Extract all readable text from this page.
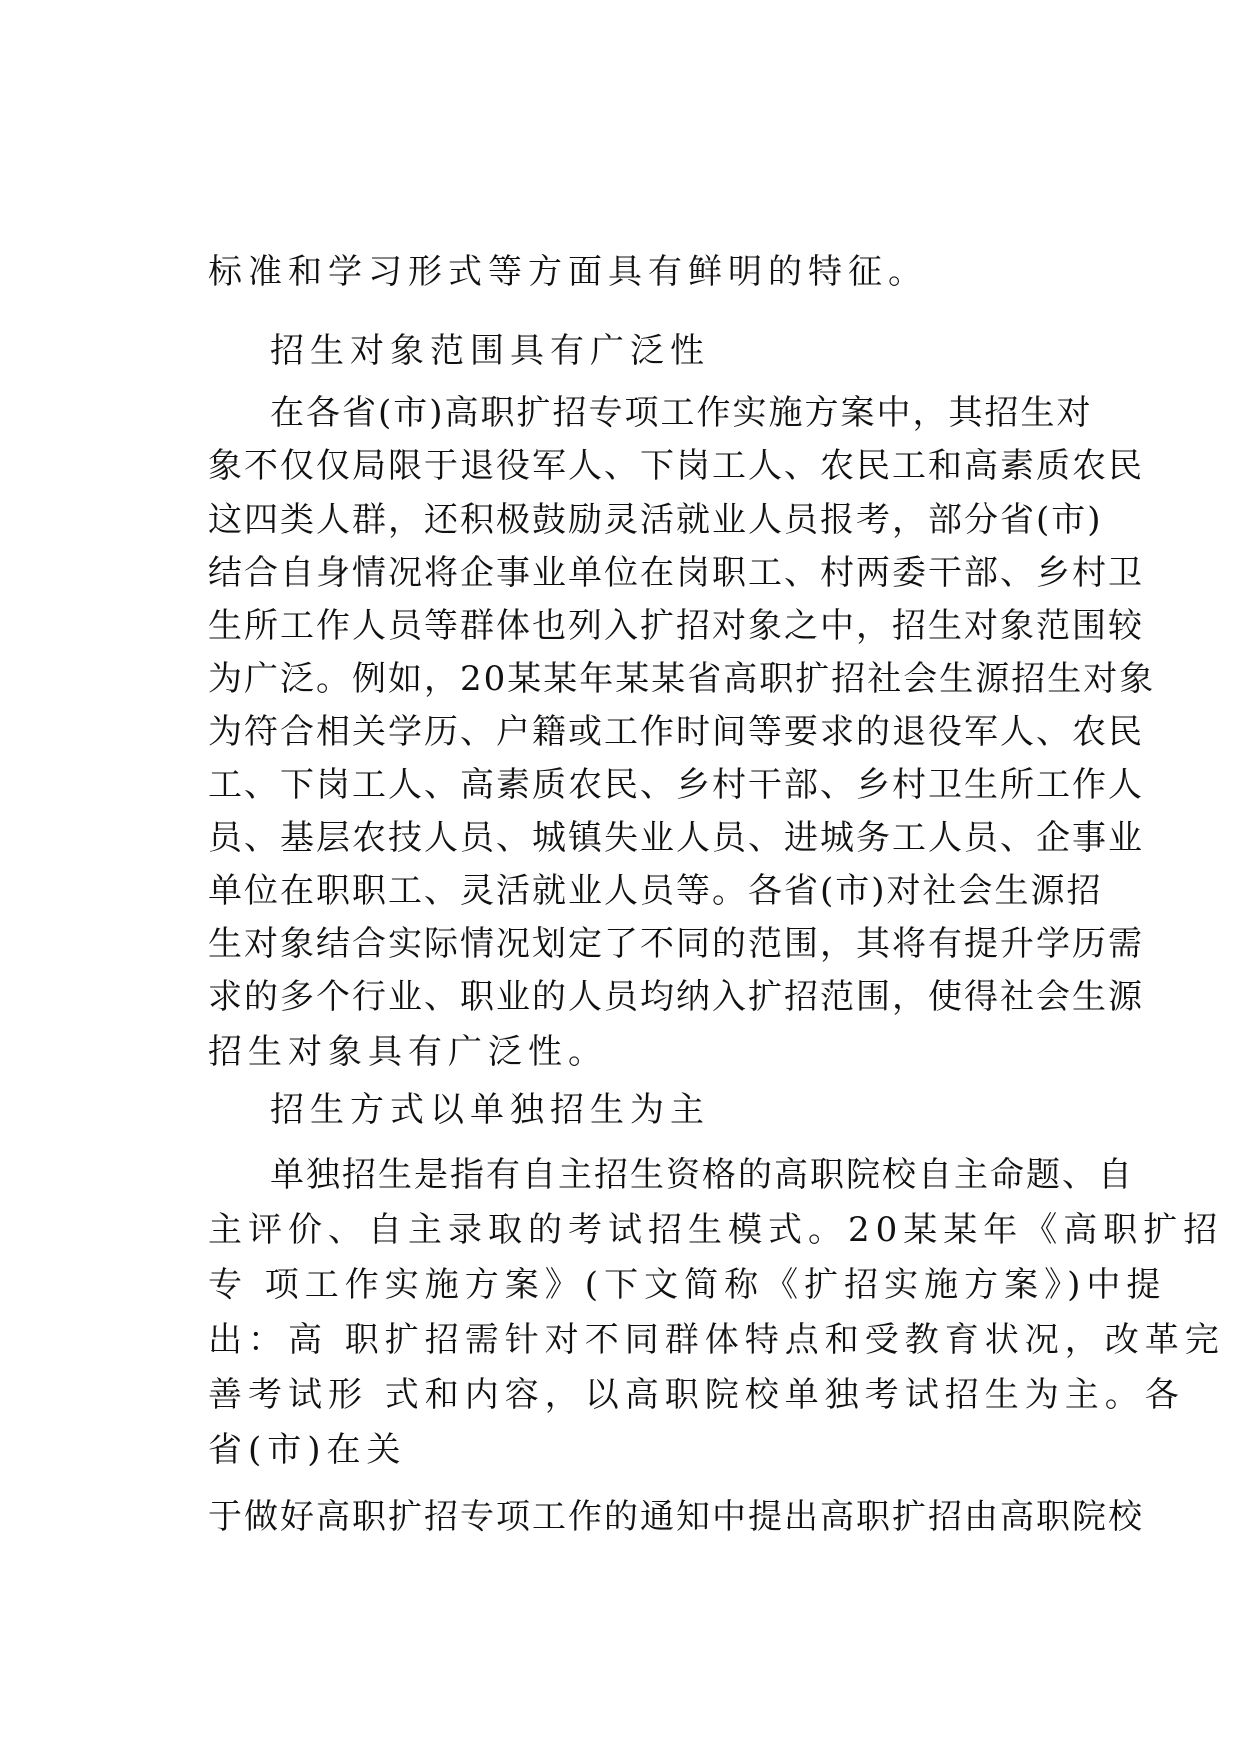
标准和学习形式等方面具有鲜明的特征。
招生对象范围具有广泛性
在各省(市)高职扩招专项工作实施方案中，其招生对
象不仅仅局限于退役军人、下岗工人、农民工和高素质农民
这四类人群，还积极鼓励灵活就业人员报考，部分省(市)
结合自身情况将企事业单位在岗职工、村两委干部、乡村卫
生所工作人员等群体也列入扩招对象之中，招生对象范围较
为广泛。例如，20某某年某某省高职扩招社会生源招生对象
为符合相关学历、户籍或工作时间等要求的退役军人、农民
工、下岗工人、高素质农民、乡村干部、乡村卫生所工作人
员、基层农技人员、城镇失业人员、进城务工人员、企事业
单位在职职工、灵活就业人员等。各省(市)对社会生源招
生对象结合实际情况划定了不同的范围，其将有提升学历需
求的多个行业、职业的人员均纳入扩招范围，使得社会生源
招生对象具有广泛性。
招生方式以单独招生为主
单独招生是指有自主招生资格的高职院校自主命题、自
主评价、自主录取的考试招生模式。20某某年《高职扩招
专 项工作实施方案》(下文简称《扩招实施方案》)中提
出：高 职扩招需针对不同群体特点和受教育状况，改革完
善考试形 式和内容，以高职院校单独考试招生为主。各
省(市)在关
于做好高职扩招专项工作的通知中提出高职扩招由高职院校
